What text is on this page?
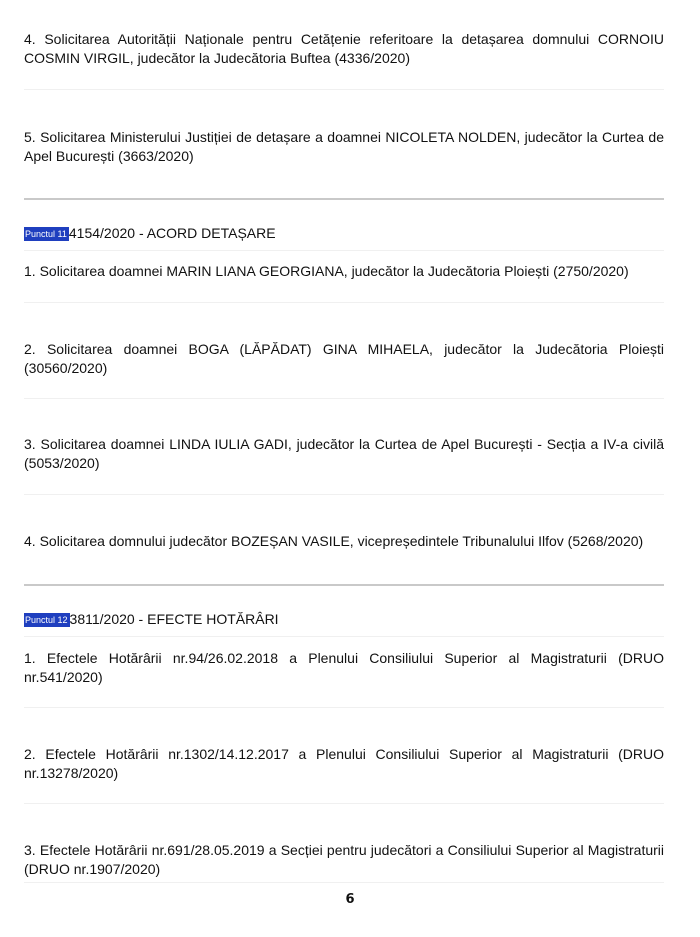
4. Solicitarea Autorității Naționale pentru Cetățenie referitoare la detașarea domnului CORNOIU COSMIN VIRGIL, judecător la Judecătoria Buftea (4336/2020)

5. Solicitarea Ministerului Justiției de detașare a doamnei NICOLETA NOLDEN, judecător la Curtea de Apel București (3663/2020)

Punctul 11 4154/2020 - ACORD DETAȘARE

1. Solicitarea doamnei MARIN LIANA GEORGIANA, judecător la Judecătoria Ploiești (2750/2020)

2. Solicitarea doamnei BOGA (LĂPĂDAT) GINA MIHAELA, judecător la Judecătoria Ploiești (30560/2020)

3. Solicitarea doamnei LINDA IULIA GADI, judecător la Curtea de Apel București - Secția a IV-a civilă (5053/2020)

4. Solicitarea domnului judecător BOZEȘAN VASILE, vicepreședintele Tribunalului Ilfov (5268/2020)

Punctul 12 3811/2020 - EFECTE HOTĂRÂRI

1. Efectele Hotărârii nr.94/26.02.2018 a Plenului Consiliului Superior al Magistraturii (DRUO nr.541/2020)

2. Efectele Hotărârii nr.1302/14.12.2017 a Plenului Consiliului Superior al Magistraturii (DRUO nr.13278/2020)

3. Efectele Hotărârii nr.691/28.05.2019 a Secției pentru judecători a Consiliului Superior al Magistraturii (DRUO nr.1907/2020)

6
